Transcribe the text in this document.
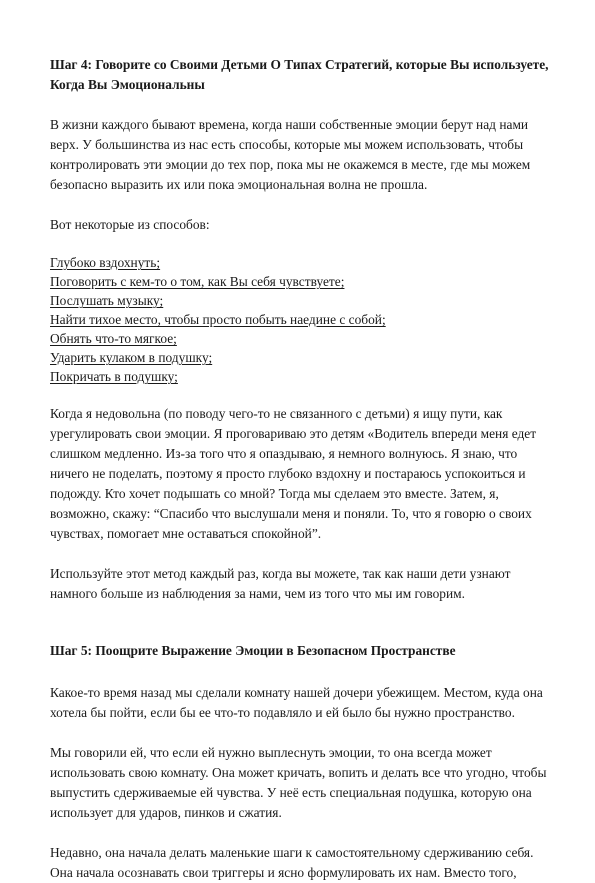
Шаг 4: Говорите со Своими Детьми О Типах Стратегий, которые Вы используете, Когда Вы Эмоциональны

В жизни каждого бывают времена, когда наши собственные эмоции берут над нами верх. У большинства из нас есть способы, которые мы можем использовать, чтобы контролировать эти эмоции до тех пор, пока мы не окажемся в месте, где мы можем безопасно выразить их или пока эмоциональная волна не прошла.

Вот некоторые из способов:

Глубоко вздохнуть;
Поговорить с кем-то о том, как Вы себя чувствуете;
Послушать музыку;
Найти тихое место, чтобы просто побыть наедине с собой;
Обнять что-то мягкое;
Ударить кулаком в подушку;
Покричать в подушку;

Когда я недовольна (по поводу чего-то не связанного с детьми) я ищу пути, как урегулировать свои эмоции. Я проговариваю это детям «Водитель впереди меня едет слишком медленно. Из-за того что я опаздываю, я немного волнуюсь. Я знаю, что ничего не поделать, поэтому я просто глубоко вздохну и постараюсь успокоиться и подожду. Кто хочет подышать со мной? Тогда мы сделаем это вместе. Затем, я, возможно, скажу: “Спасибо что выслушали меня и поняли. То, что я говорю о своих чувствах, помогает мне оставаться спокойной”.

Используйте этот метод каждый раз, когда вы можете, так как наши дети узнают намного больше из наблюдения за нами, чем из того что мы им говорим.

Шаг 5: Поощрите Выражение Эмоции в Безопасном Пространстве

Какое-то время назад мы сделали комнату нашей дочери убежищем. Местом, куда она хотела бы пойти, если бы ее что-то подавляло и ей было бы нужно пространство.

Мы говорили ей, что если ей нужно выплеснуть эмоции, то она всегда может использовать свою комнату. Она может кричать, вопить и делать все что угодно, чтобы выпустить сдерживаемые ей чувства. У неё есть специальная подушка, которую она использует для ударов, пинков и сжатия.

Недавно, она начала делать маленькие шаги к самостоятельному сдерживанию себя. Она начала осознавать свои триггеры и ясно формулировать их нам. Вместо того,
